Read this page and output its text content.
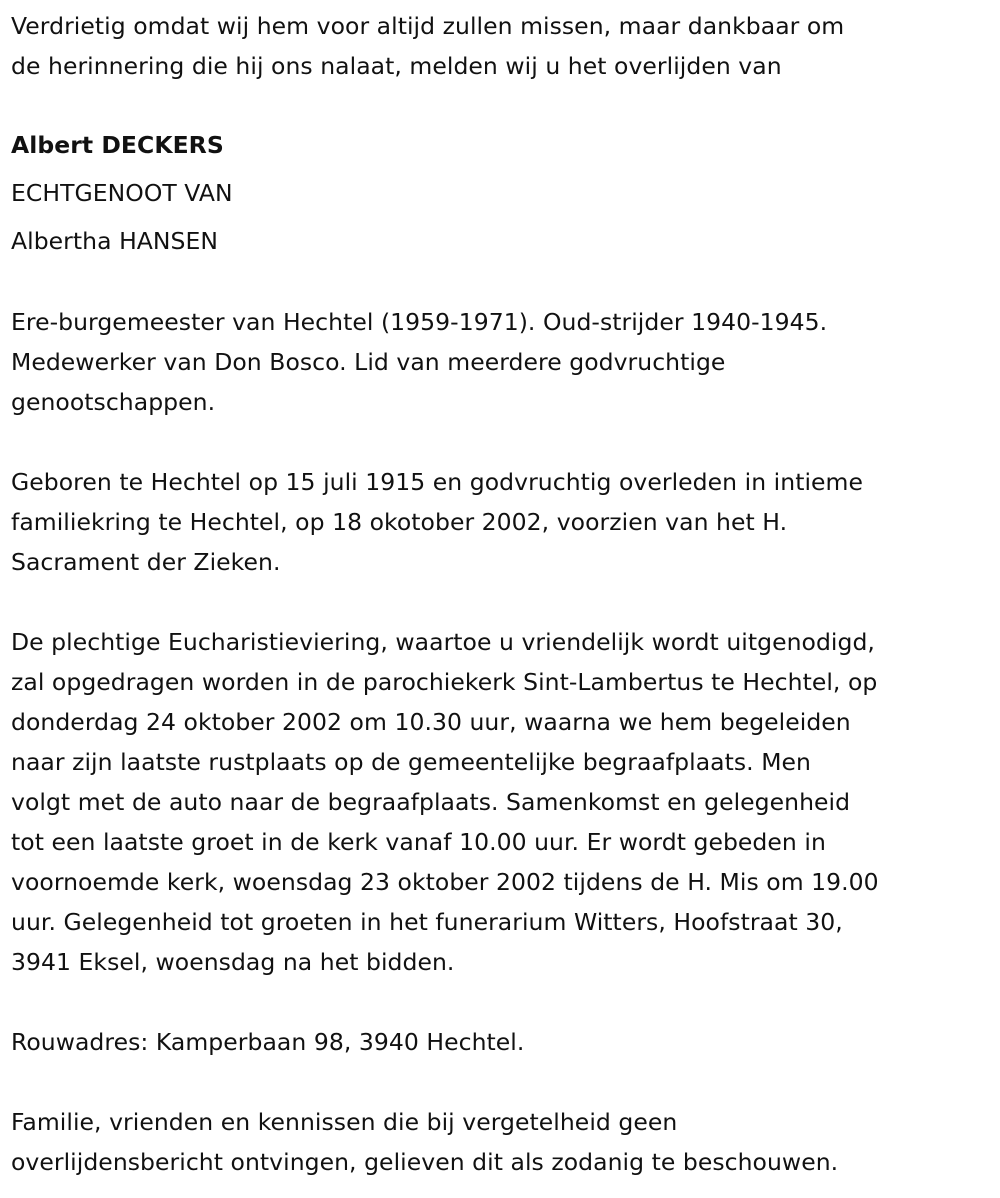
Verdrietig omdat wij hem voor altijd zullen missen, maar dankbaar om
de herinnering die hij ons nalaat, melden wij u het overlijden van

Albert DECKERS

ECHTGENOOT VAN

Albertha HANSEN

Ere-burgemeester van Hechtel (1959-1971). Oud-strijder 1940-1945.
Medewerker van Don Bosco. Lid van meerdere godvruchtige
genootschappen.

Geboren te Hechtel op 15 juli 1915 en godvruchtig overleden in intieme
familiekring te Hechtel, op 18 okotober 2002, voorzien van het H.
Sacrament der Zieken.

De plechtige Eucharistieviering, waartoe u vriendelijk wordt uitgenodigd,
zal opgedragen worden in de parochiekerk Sint-Lambertus te Hechtel, op
donderdag 24 oktober 2002 om 10.30 uur, waarna we hem begeleiden
naar zijn laatste rustplaats op de gemeentelijke begraafplaats. Men
volgt met de auto naar de begraafplaats. Samenkomst en gelegenheid
tot een laatste groet in de kerk vanaf 10.00 uur. Er wordt gebeden in
voornoemde kerk, woensdag 23 oktober 2002 tijdens de H. Mis om 19.00
uur. Gelegenheid tot groeten in het funerarium Witters, Hoofstraat 30,
3941 Eksel, woensdag na het bidden.

Rouwadres: Kamperbaan 98, 3940 Hechtel.

Familie, vrienden en kennissen die bij vergetelheid geen
overlijdensbericht ontvingen, gelieven dit als zodanig te beschouwen.
